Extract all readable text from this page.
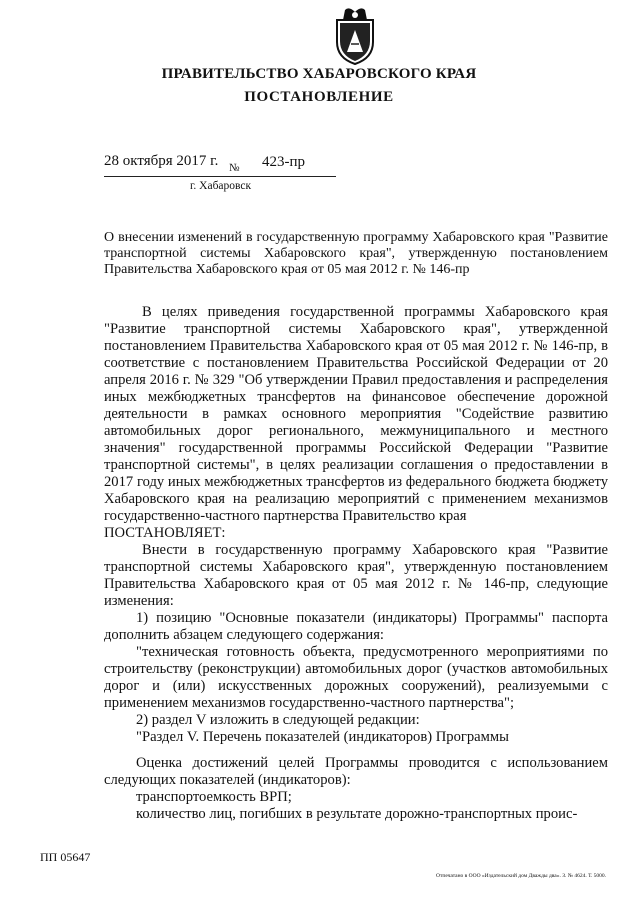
ПРАВИТЕЛЬСТВО ХАБАРОВСКОГО КРАЯ
ПОСТАНОВЛЕНИЕ
28 октября 2017 г. № 423-пр
г. Хабаровск
О внесении изменений в государственную программу Хабаровского края "Развитие транспортной системы Хабаровского края", утвержденную постановлением Правительства Хабаровского края от 05 мая 2012 г. № 146-пр

В целях приведения государственной программы Хабаровского края "Развитие транспортной системы Хабаровского края", утвержденной постановлением Правительства Хабаровского края от 05 мая 2012 г. № 146-пр, в соответствие с постановлением Правительства Российской Федерации от 20 апреля 2016 г. № 329 "Об утверждении Правил предоставления и распределения иных межбюджетных трансфертов на финансовое обеспечение дорожной деятельности в рамках основного мероприятия "Содействие развитию автомобильных дорог регионального, межмуниципального и местного значения" государственной программы Российской Федерации "Развитие транспортной системы", в целях реализации соглашения о предоставлении в 2017 году иных межбюджетных трансфертов из федерального бюджета бюджету Хабаровского края на реализацию мероприятий с применением механизмов государственно-частного партнерства Правительство края

ПОСТАНОВЛЯЕТ:

Внести в государственную программу Хабаровского края "Развитие транспортной системы Хабаровского края", утвержденную постановлением Правительства Хабаровского края от 05 мая 2012 г. № 146-пр, следующие изменения:

1) позицию "Основные показатели (индикаторы) Программы" паспорта дополнить абзацем следующего содержания:

"техническая готовность объекта, предусмотренного мероприятиями по строительству (реконструкции) автомобильных дорог (участков автомобильных дорог и (или) искусственных дорожных сооружений), реализуемыми с применением механизмов государственно-частного партнерства";

2) раздел V изложить в следующей редакции:

"Раздел V. Перечень показателей (индикаторов) Программы

Оценка достижений целей Программы проводится с использованием следующих показателей (индикаторов):

транспортоемкость ВРП;

количество лиц, погибших в результате дорожно-транспортных проис-

ПП 05647
Отпечатано в ООО «Издательский дом Дважды два». З. № 4624. Т. 5000.
